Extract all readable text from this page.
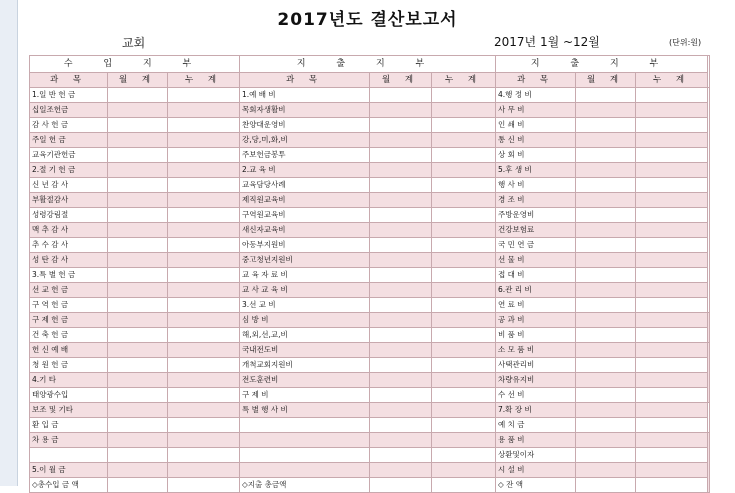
2017년도 결산보고서
교회	2017년 1월 ~12월	(단위:원)
수 입 지 부			지 출 지 부			지 출 지 부	
과 목	월 계	누 계	과 목	월 계	누 계	과 목	월 계	누 계	
1.일 반 헌 금			1.예 배 비			4.행 정 비			
십일조헌금			목회자생활비			사 무 비			
감 사 헌 금			찬양대운영비			인 쇄 비			
주일 헌 금			강,당,미,화,비			통 신 비			
교육기관헌금			주보헌금봉투			상 회 비			
2.절 기 헌 금			2.교 육 비			5.후 생 비			
신 년 감 사			교육담당사례			행 사 비			
부활절감사			제직원교육비			경 조 비			
성령강림절			구역원교육비			주방운영비			
맥 추 감 사			새신자교육비			건강보험료			
추 수 감 사			아동부지원비			국 민 연 금			
성 탄 감 사			중고청년지원비			선 물 비			
3.특 별 헌 금			교 육 자 료 비			접 대 비			
선 교 헌 금			교 사 교 육 비			6.관 리 비			
구 역 헌 금			3.선 교 비			연 료 비			
구 제 헌 금			심 방 비			공 과 비			
건 축 헌 금			해,외,선,교,비			비 품 비			
헌 신 예 배			국내전도비			소 모 품 비			
청 원 헌 금			개척교회지원비			사택관리비			
4.기 타			전도훈련비			차량유지비			
태양광수입			구 제 비			수 선 비			
보조 및 기타			특 별 행 사 비			7.확 장 비			
환 입 금						예 치 금			
차 용 금						용 품 비			
						상환및이자			
5.이 월 금						시 설 비			
◇총수입 금 액			◇지출 총금액			◇ 잔 액			
